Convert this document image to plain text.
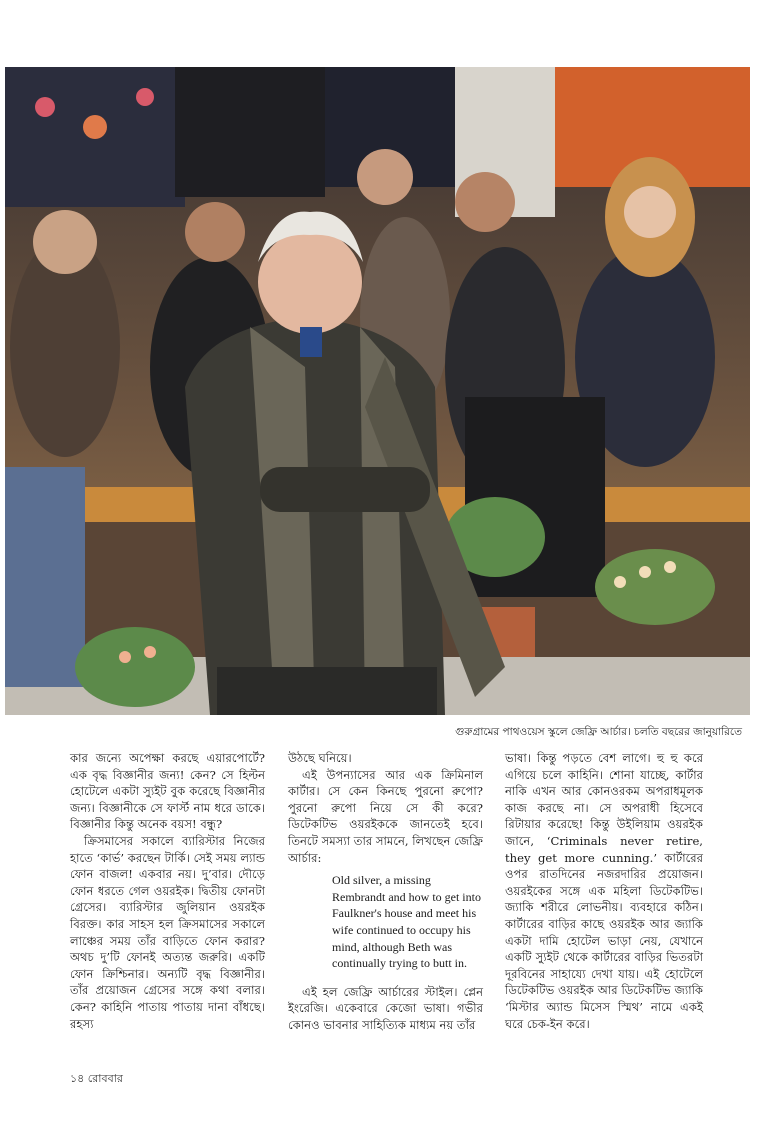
গুরুগ্রামের পাথওয়েস স্কুলে জেফ্রি আর্চার। চলতি বছরের জানুয়ারিতে

কার জন্যে অপেক্ষা করছে এয়ারপোর্টে? এক বৃদ্ধ বিজ্ঞানীর জন্য! কেন? সে হিল্টন হোটেলে একটা স্যুইট বুক করেছে বিজ্ঞানীর জন্য। বিজ্ঞানীকে সে ফার্স্ট নাম ধরে ডাকে। বিজ্ঞানীর কিন্তু অনেক বয়স! বন্ধু?

ক্রিসমাসের সকালে ব্যারিস্টার নিজের হাতে ‘কার্ভ’ করছেন টার্কি। সেই সময় ল্যান্ড ফোন বাজল! একবার নয়। দু’বার। দৌড়ে ফোন ধরতে গেল ওয়রইক। দ্বিতীয় ফোনটা গ্রেসের। ব্যারিস্টার জুলিয়ান ওয়রইক বিরক্ত। কার সাহস হল ক্রিসমাসের সকালে লাঞ্চের সময় তাঁর বাড়িতে ফোন করার? অথচ দু’টি ফোনই অত্যন্ত জরুরি। একটি ফোন ক্রিশ্চিনার। অন্যটি বৃদ্ধ বিজ্ঞানীর। তাঁর প্রয়োজন গ্রেসের সঙ্গে কথা বলার। কেন? কাহিনি পাতায় পাতায় দানা বাঁধছে। রহস্য

উঠছে ঘনিয়ে।

এই উপন্যাসের আর এক ক্রিমিনাল কার্টার। সে কেন কিনছে পুরনো রুপো? পুরনো রুপো নিয়ে সে কী করে? ডিটেকটিভ ওয়রইককে জানতেই হবে। তিনটে সমস্যা তার সামনে, লিখছেন জেফ্রি আর্চার:

Old silver, a missing Rembrandt and how to get into Faulkner's house and meet his wife continued to occupy his mind, although Beth was continually trying to butt in.

এই হল জেফ্রি আর্চারের স্টাইল। প্লেন ইংরেজি। একেবারে কেজো ভাষা। গভীর কোনও ভাবনার সাহিত্যিক মাধ্যম নয় তাঁর

ভাষা। কিন্তু পড়তে বেশ লাগে। হু হু করে এগিয়ে চলে কাহিনি। শোনা যাচ্ছে, কার্টার নাকি এখন আর কোনওরকম অপরাধমূলক কাজ করছে না। সে অপরাধী হিসেবে রিটায়ার করেছে! কিন্তু উইলিয়াম ওয়রইক জানে, ‘Criminals never retire, they get more cunning.’ কার্টারের ওপর রাতদিনের নজরদারির প্রয়োজন। ওয়রইকের সঙ্গে এক মহিলা ডিটেকটিভ। জ্যাকি শরীরে লোভনীয়। ব্যবহারে কঠিন। কার্টারের বাড়ির কাছে ওয়রইক আর জ্যাকি একটা দামি হোটেল ভাড়া নেয়, যেখানে একটি স্যুইট থেকে কার্টারের বাড়ির ভিতরটা দূরবিনের সাহায্যে দেখা যায়। এই হোটেলে ডিটেকটিভ ওয়রইক আর ডিটেকটিভ জ্যাকি ‘মিস্টার অ্যান্ড মিসেস স্মিথ’ নামে একই ঘরে চেক-ইন করে।

১৪ রোববার
